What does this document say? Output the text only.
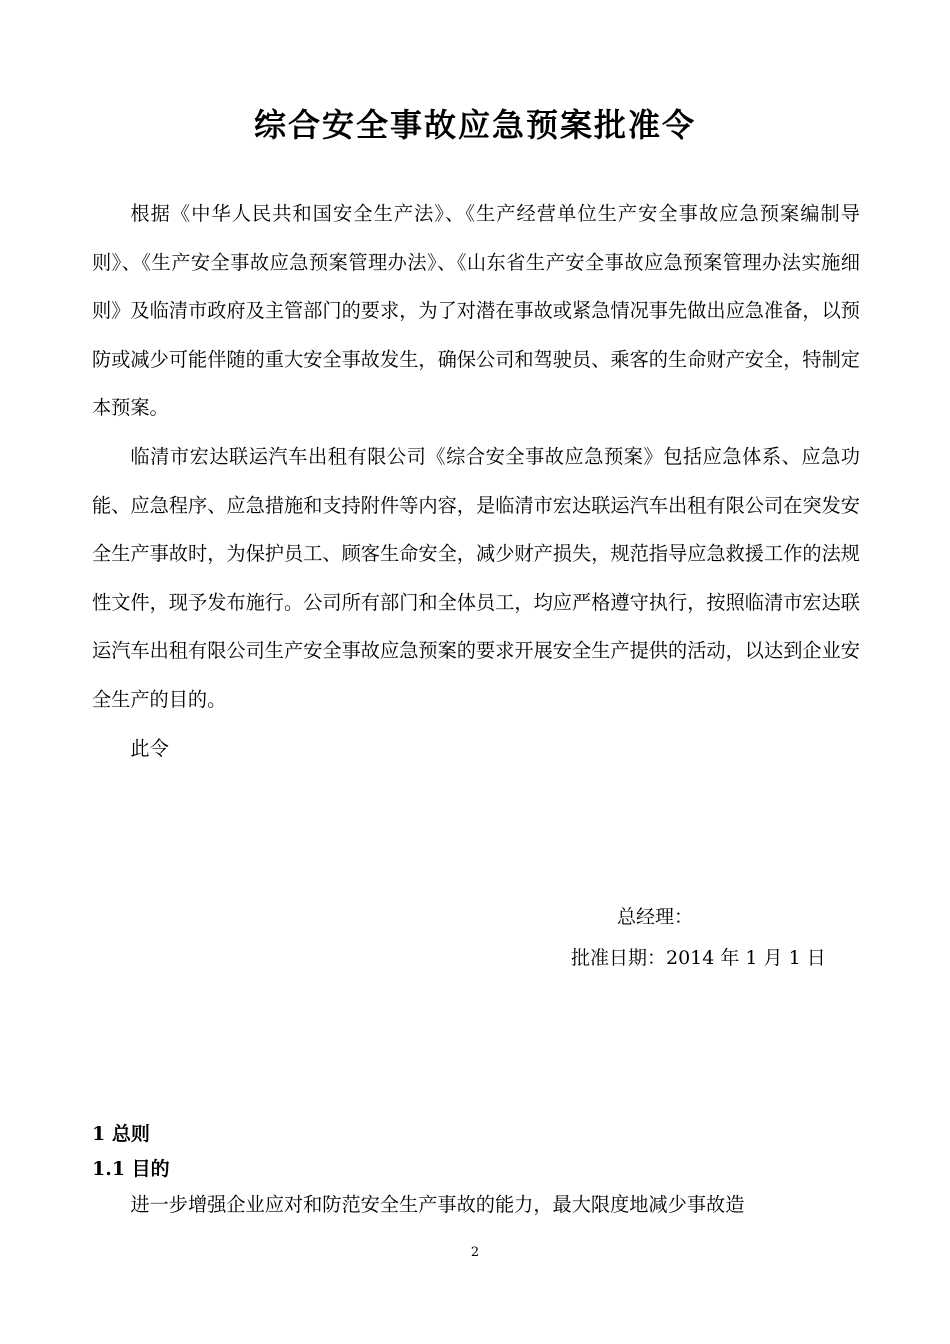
综合安全事故应急预案批准令

根据《中华人民共和国安全生产法》、《生产经营单位生产安全事故应急预案编制导则》、《生产安全事故应急预案管理办法》、《山东省生产安全事故应急预案管理办法实施细则》及临清市政府及主管部门的要求，为了对潜在事故或紧急情况事先做出应急准备，以预防或减少可能伴随的重大安全事故发生，确保公司和驾驶员、乘客的生命财产安全，特制定本预案。

临清市宏达联运汽车出租有限公司《综合安全事故应急预案》包括应急体系、应急功能、应急程序、应急措施和支持附件等内容，是临清市宏达联运汽车出租有限公司在突发安全生产事故时，为保护员工、顾客生命安全，减少财产损失，规范指导应急救援工作的法规性文件，现予发布施行。公司所有部门和全体员工，均应严格遵守执行，按照临清市宏达联运汽车出租有限公司生产安全事故应急预案的要求开展安全生产提供的活动，以达到企业安全生产的目的。

此令

总经理：

批准日期：2014 年 1 月 1 日

1 总则

1.1 目的

进一步增强企业应对和防范安全生产事故的能力，最大限度地减少事故造

2
